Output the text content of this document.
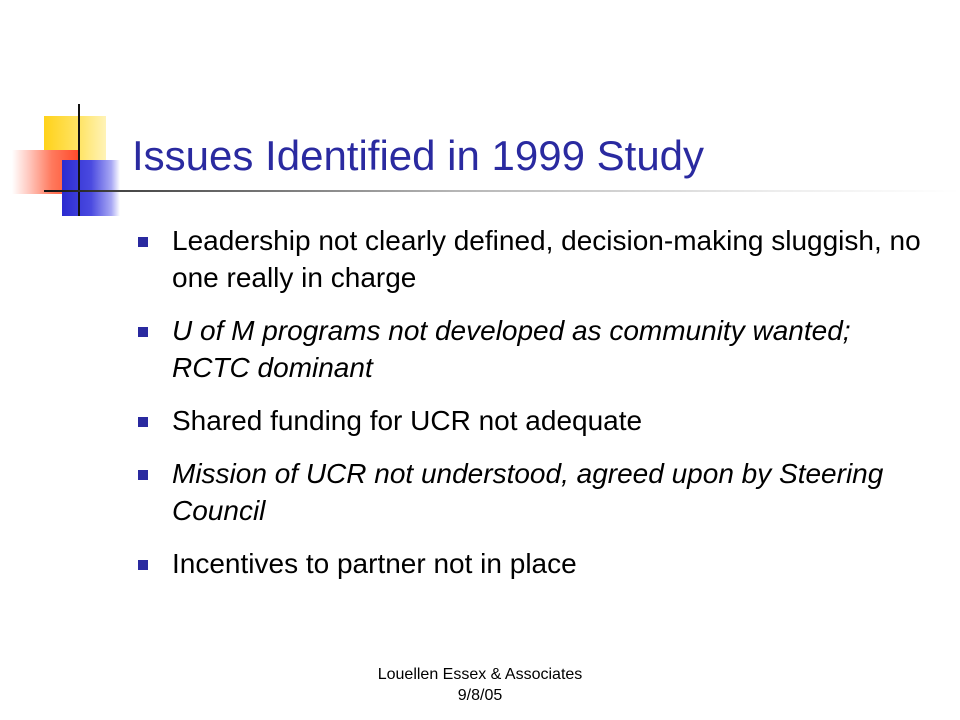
Issues Identified in 1999 Study
Leadership not clearly defined, decision-making sluggish, no one really in charge
U of M programs not developed as community wanted; RCTC dominant
Shared funding for UCR not adequate
Mission of UCR not understood, agreed upon by Steering Council
Incentives to partner not in place
Louellen Essex & Associates
9/8/05
